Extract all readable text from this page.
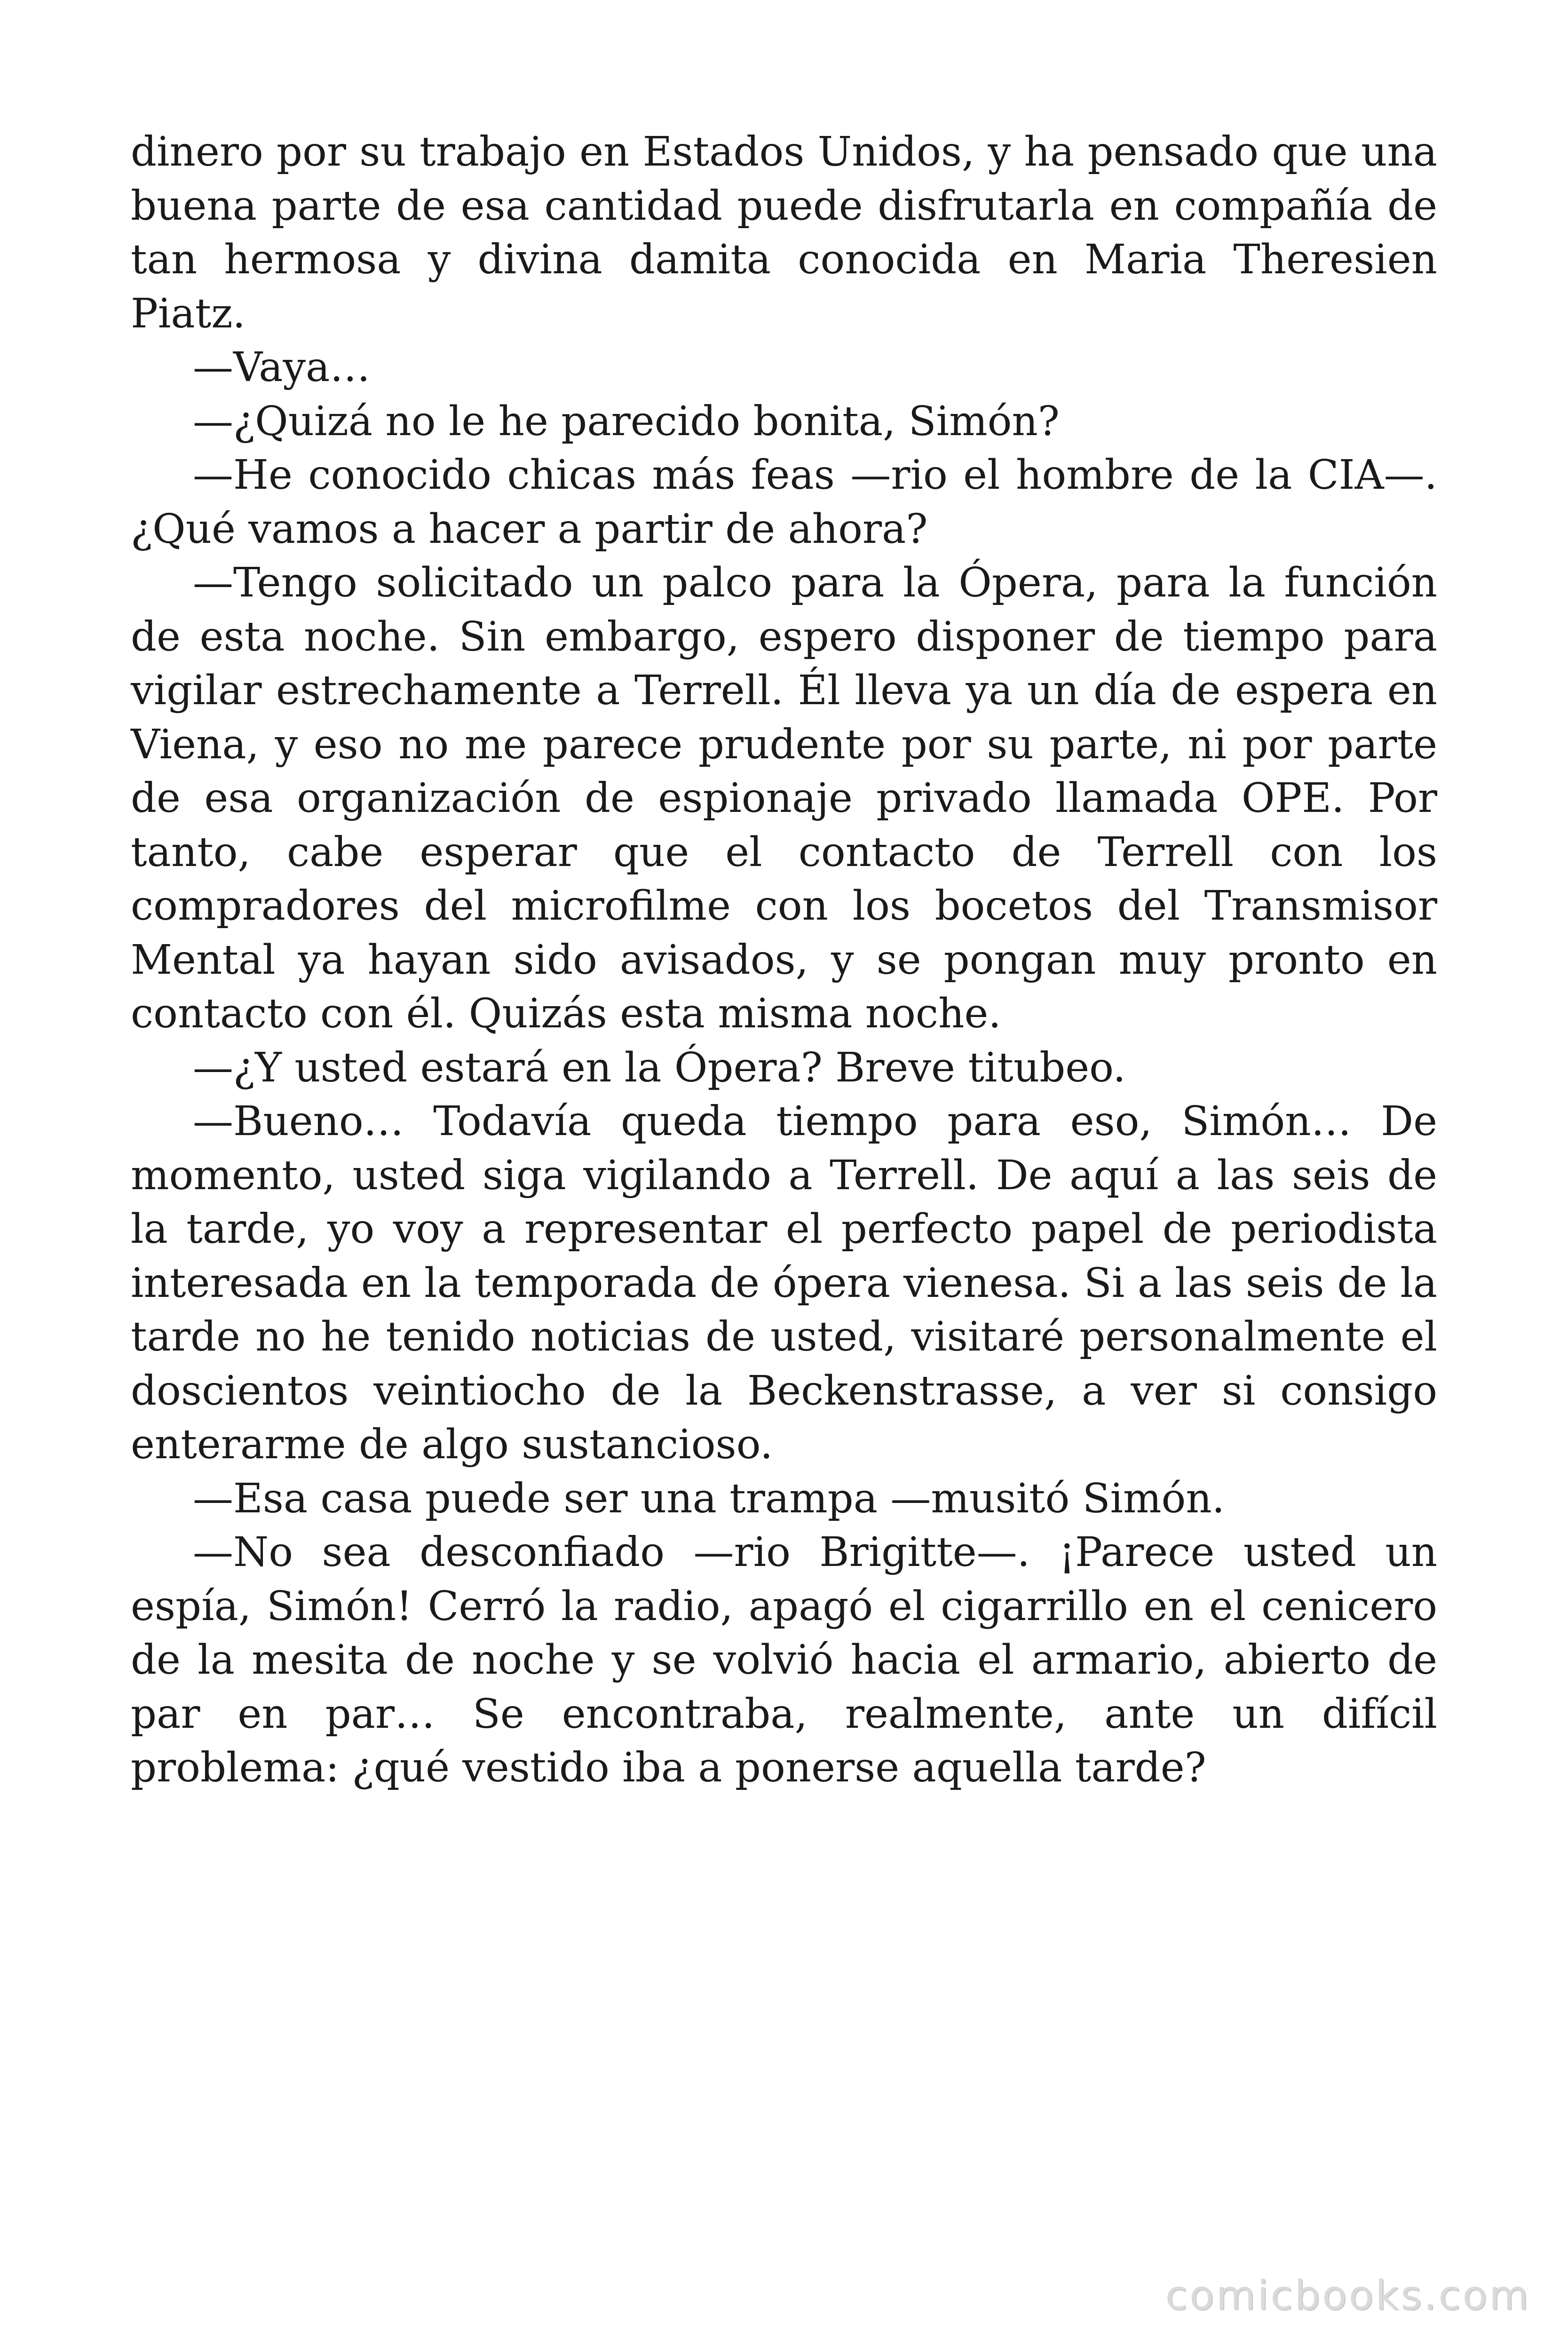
dinero por su trabajo en Estados Unidos, y ha pensado que una buena parte de esa cantidad puede disfrutarla en compañía de tan hermosa y divina damita conocida en Maria Theresien Piatz.

—Vaya…

—¿Quizá no le he parecido bonita, Simón?

—He conocido chicas más feas —rio el hombre de la CIA—. ¿Qué vamos a hacer a partir de ahora?

—Tengo solicitado un palco para la Ópera, para la función de esta noche. Sin embargo, espero disponer de tiempo para vigilar estrechamente a Terrell. Él lleva ya un día de espera en Viena, y eso no me parece prudente por su parte, ni por parte de esa organización de espionaje privado llamada OPE. Por tanto, cabe esperar que el contacto de Terrell con los compradores del microfilme con los bocetos del Transmisor Mental ya hayan sido avisados, y se pongan muy pronto en contacto con él. Quizás esta misma noche.

—¿Y usted estará en la Ópera? Breve titubeo.

—Bueno… Todavía queda tiempo para eso, Simón… De momento, usted siga vigilando a Terrell. De aquí a las seis de la tarde, yo voy a representar el perfecto papel de periodista interesada en la temporada de ópera vienesa. Si a las seis de la tarde no he tenido noticias de usted, visitaré personalmente el doscientos veintiocho de la Beckenstrasse, a ver si consigo enterarme de algo sustancioso.

—Esa casa puede ser una trampa —musitó Simón.

—No sea desconfiado —rio Brigitte—. ¡Parece usted un espía, Simón! Cerró la radio, apagó el cigarrillo en el cenicero de la mesita de noche y se volvió hacia el armario, abierto de par en par… Se encontraba, realmente, ante un difícil problema: ¿qué vestido iba a ponerse aquella tarde?

comicbooks.com
